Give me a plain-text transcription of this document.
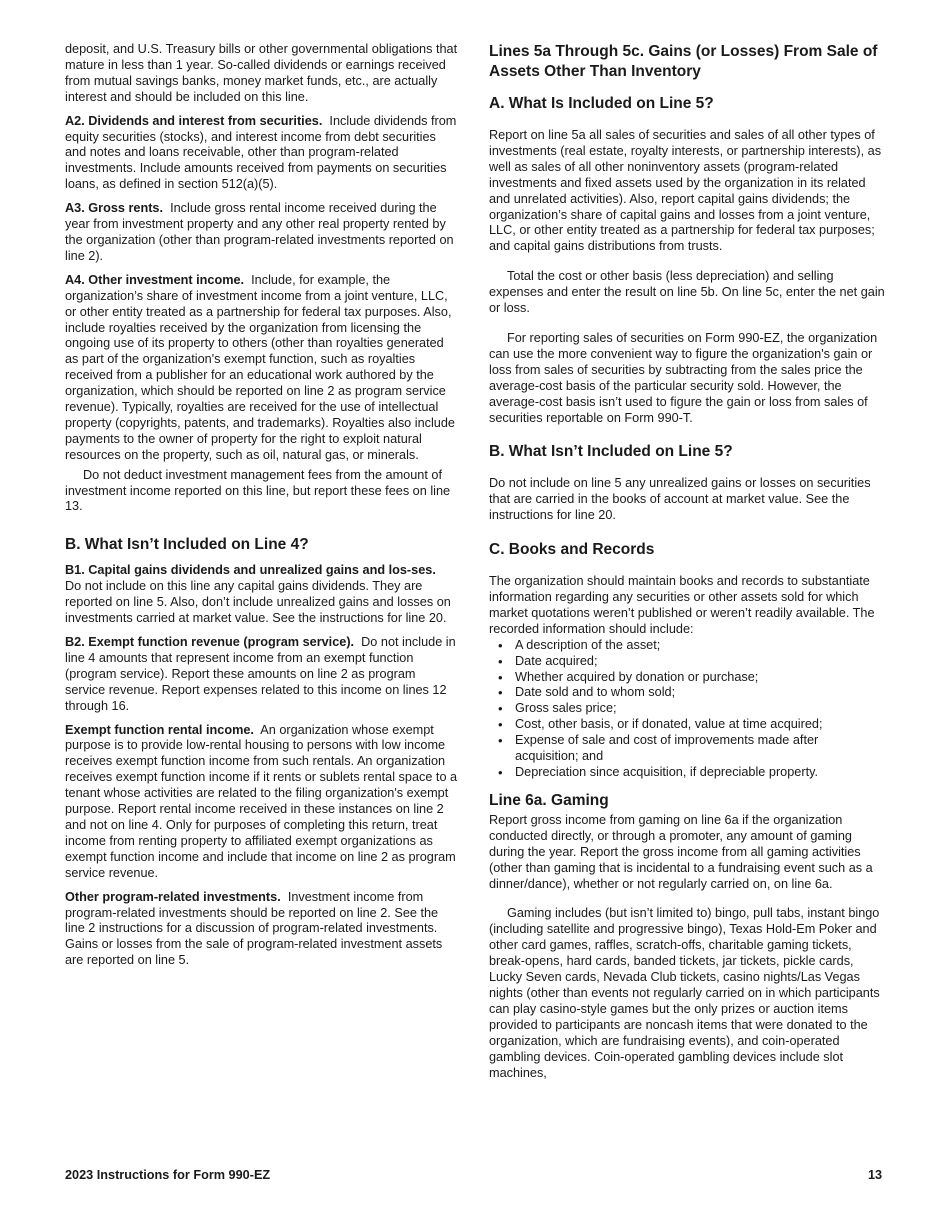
deposit, and U.S. Treasury bills or other governmental obligations that mature in less than 1 year. So-called dividends or earnings received from mutual savings banks, money market funds, etc., are actually interest and should be included on this line.

A2. Dividends and interest from securities. Include dividends from equity securities (stocks), and interest income from debt securities and notes and loans receivable, other than program-related investments. Include amounts received from payments on securities loans, as defined in section 512(a)(5).

A3. Gross rents. Include gross rental income received during the year from investment property and any other real property rented by the organization (other than program-related investments reported on line 2).

A4. Other investment income. Include, for example, the organization’s share of investment income from a joint venture, LLC, or other entity treated as a partnership for federal tax purposes. Also, include royalties received by the organization from licensing the ongoing use of its property to others (other than royalties generated as part of the organization's exempt function, such as royalties received from a publisher for an educational work authored by the organization, which should be reported on line 2 as program service revenue). Typically, royalties are received for the use of intellectual property (copyrights, patents, and trademarks). Royalties also include payments to the owner of property for the right to exploit natural resources on the property, such as oil, natural gas, or minerals.

Do not deduct investment management fees from the amount of investment income reported on this line, but report these fees on line 13.

B. What Isn’t Included on Line 4?

B1. Capital gains dividends and unrealized gains and los-ses.  Do not include on this line any capital gains dividends. They are reported on line 5. Also, don’t include unrealized gains and losses on investments carried at market value. See the instructions for line 20.

B2. Exempt function revenue (program service). Do not include in line 4 amounts that represent income from an exempt function (program service). Report these amounts on line 2 as program service revenue. Report expenses related to this income on lines 12 through 16.

Exempt function rental income. An organization whose exempt purpose is to provide low-rental housing to persons with low income receives exempt function income from such rentals. An organization receives exempt function income if it rents or sublets rental space to a tenant whose activities are related to the filing organization's exempt purpose. Report rental income received in these instances on line 2 and not on line 4. Only for purposes of completing this return, treat income from renting property to affiliated exempt organizations as exempt function income and include that income on line 2 as program service revenue.

Other program-related investments. Investment income from program-related investments should be reported on line 2. See the line 2 instructions for a discussion of program-related investments. Gains or losses from the sale of program-related investment assets are reported on line 5.

Lines 5a Through 5c. Gains (or Losses) From Sale of Assets Other Than Inventory
A. What Is Included on Line 5?

Report on line 5a all sales of securities and sales of all other types of investments (real estate, royalty interests, or partnership interests), as well as sales of all other noninventory assets (program-related investments and fixed assets used by the organization in its related and unrelated activities). Also, report capital gains dividends; the organization’s share of capital gains and losses from a joint venture, LLC, or other entity treated as a partnership for federal tax purposes; and capital gains distributions from trusts.

Total the cost or other basis (less depreciation) and selling expenses and enter the result on line 5b. On line 5c, enter the net gain or loss.

For reporting sales of securities on Form 990-EZ, the organization can use the more convenient way to figure the organization's gain or loss from sales of securities by subtracting from the sales price the average-cost basis of the particular security sold. However, the average-cost basis isn’t used to figure the gain or loss from sales of securities reportable on Form 990-T.

B. What Isn’t Included on Line 5?

Do not include on line 5 any unrealized gains or losses on securities that are carried in the books of account at market value. See the instructions for line 20.

C. Books and Records

The organization should maintain books and records to substantiate information regarding any securities or other assets sold for which market quotations weren’t published or weren’t readily available. The recorded information should include:

• A description of the asset;
• Date acquired;
• Whether acquired by donation or purchase;
• Date sold and to whom sold;
• Gross sales price;
• Cost, other basis, or if donated, value at time acquired;
• Expense of sale and cost of improvements made after acquisition; and
• Depreciation since acquisition, if depreciable property.
Line 6a. Gaming

Report gross income from gaming on line 6a if the organization conducted directly, or through a promoter, any amount of gaming during the year. Report the gross income from all gaming activities (other than gaming that is incidental to a fundraising event such as a dinner/dance), whether or not regularly carried on, on line 6a.

Gaming includes (but isn’t limited to) bingo, pull tabs, instant bingo (including satellite and progressive bingo), Texas Hold-Em Poker and other card games, raffles, scratch-offs, charitable gaming tickets, break-opens, hard cards, banded tickets, jar tickets, pickle cards, Lucky Seven cards, Nevada Club tickets, casino nights/Las Vegas nights (other than events not regularly carried on in which participants can play casino-style games but the only prizes or auction items provided to participants are noncash items that were donated to the organization, which are fundraising events), and coin-operated gambling devices. Coin-operated gambling devices include slot machines,

2023 Instructions for Form 990-EZ	13
